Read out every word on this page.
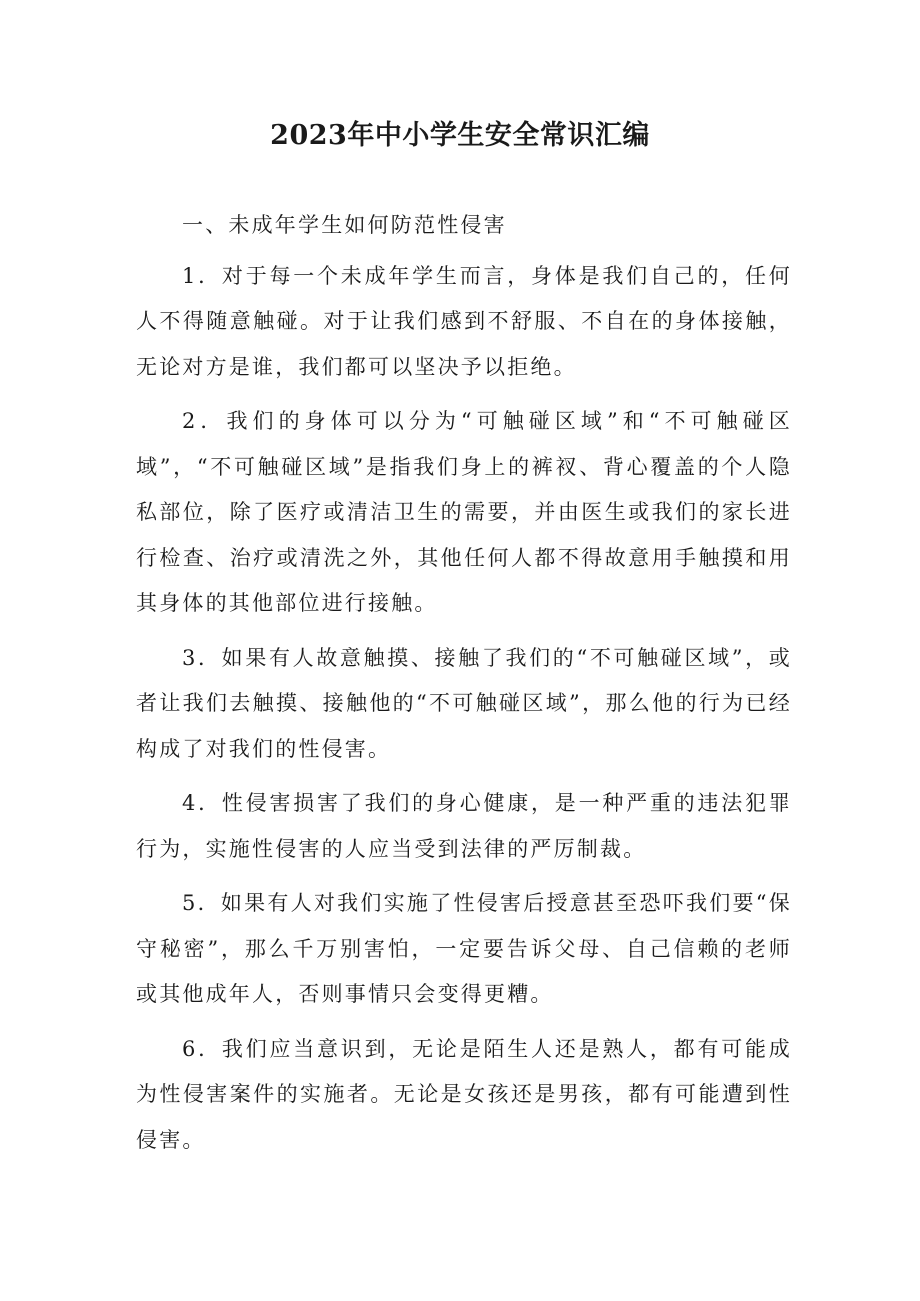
2023年中小学生安全常识汇编

一、未成年学生如何防范性侵害

1．对于每一个未成年学生而言，身体是我们自己的，任何人不得随意触碰。对于让我们感到不舒服、不自在的身体接触，无论对方是谁，我们都可以坚决予以拒绝。

2．我们的身体可以分为“可触碰区域”和“不可触碰区域”，“不可触碰区域”是指我们身上的裤衩、背心覆盖的个人隐私部位，除了医疗或清洁卫生的需要，并由医生或我们的家长进行检查、治疗或清洗之外，其他任何人都不得故意用手触摸和用其身体的其他部位进行接触。

3．如果有人故意触摸、接触了我们的“不可触碰区域”，或者让我们去触摸、接触他的“不可触碰区域”，那么他的行为已经构成了对我们的性侵害。

4．性侵害损害了我们的身心健康，是一种严重的违法犯罪行为，实施性侵害的人应当受到法律的严厉制裁。

5．如果有人对我们实施了性侵害后授意甚至恐吓我们要“保守秘密”，那么千万别害怕，一定要告诉父母、自己信赖的老师或其他成年人，否则事情只会变得更糟。

6．我们应当意识到，无论是陌生人还是熟人，都有可能成为性侵害案件的实施者。无论是女孩还是男孩，都有可能遭到性侵害。
